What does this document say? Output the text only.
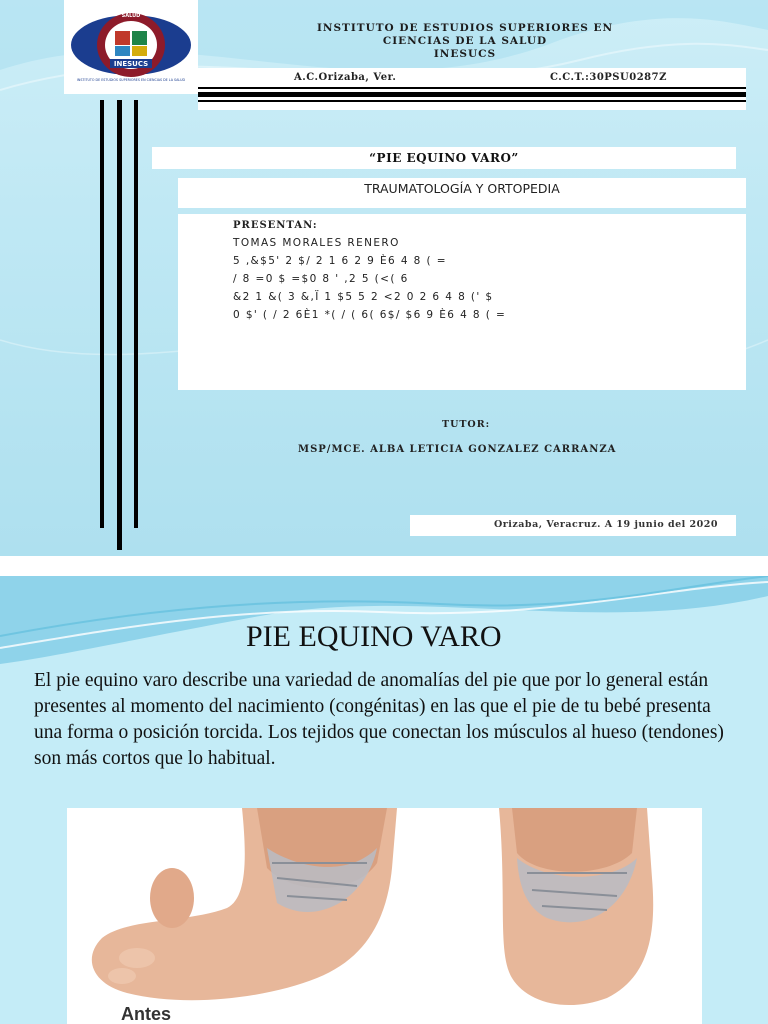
INESUCS
SALUD
INSTITUTO DE ESTUDIOS SUPERIORES EN CIENCIAS DE LA SALUD
INSTITUTO DE ESTUDIOS SUPERIORES EN
CIENCIAS DE LA SALUD
INESUCS
A.C.Orizaba, Ver.	C.C.T.:30PSU0287Z
“PIE EQUINO VARO”
TRAUMATOLOGÍA Y ORTOPEDIA
PRESENTAN:
TOMAS MORALES RENERO
5 ,&$5' 2 $/ 2 1 6 2 9 È6 4 8 ( =
/ 8 =0 $ =$0 8 ' ,2 5 (<( 6
&2 1 &( 3 &,Ï 1 $5 5 2 <2 0 2 6 4 8 (' $
0 $' ( / 2 6È1 *( / ( 6( 6$/ $6 9 È6 4 8 ( =
TUTOR:
MSP/MCE. ALBA LETICIA GONZALEZ CARRANZA
Orizaba, Veracruz. A 19 junio del 2020
PIE EQUINO VARO

El pie equino varo describe una variedad de anomalías del pie que por lo general están presentes al momento del nacimiento (congénitas) en las que el pie de tu bebé presenta una forma o posición torcida. Los tejidos que conectan los músculos al hueso (tendones) son más cortos que lo habitual.

Antes
